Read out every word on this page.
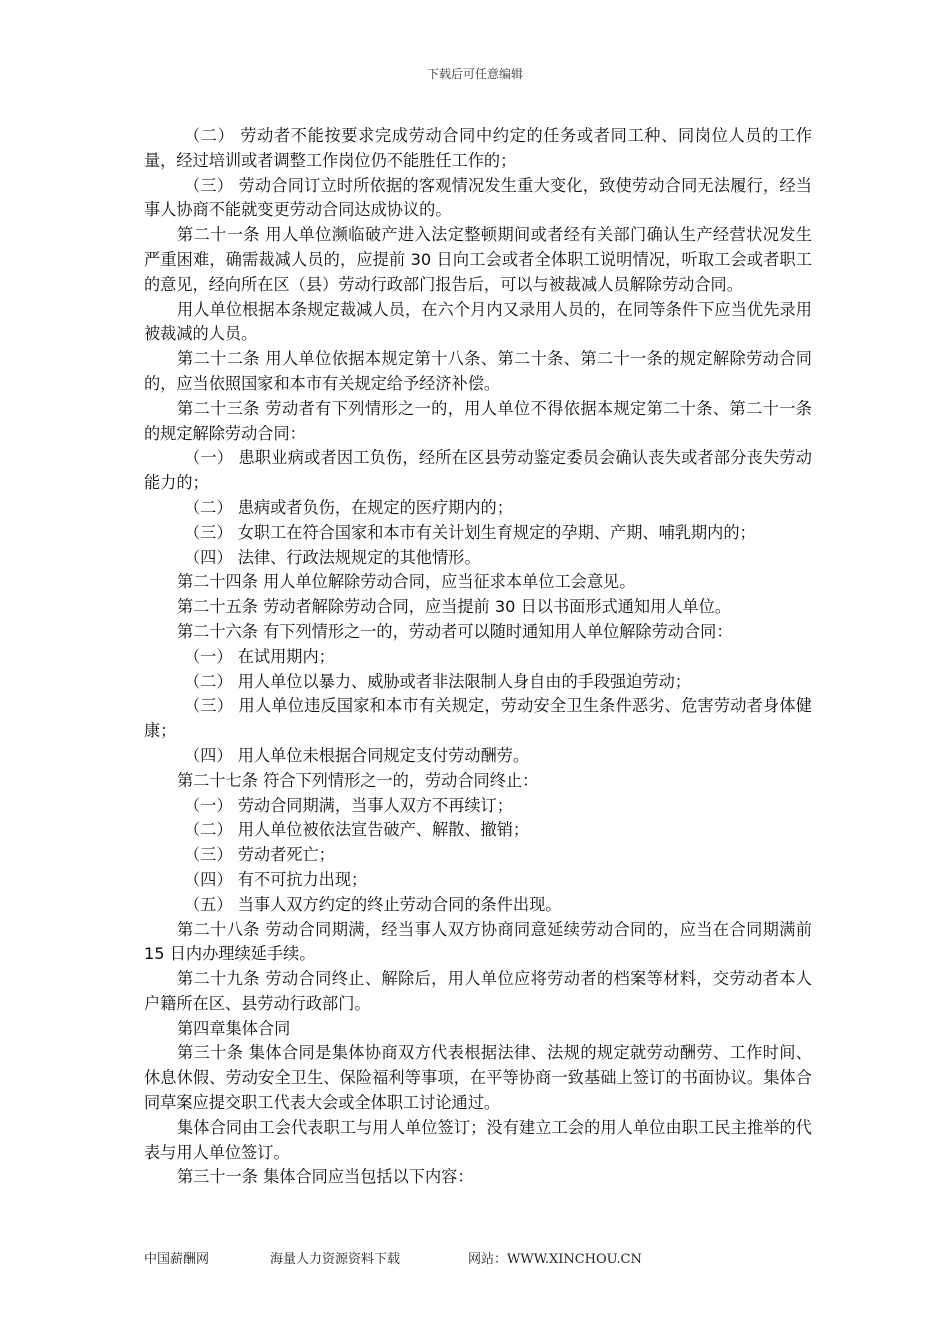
下载后可任意编辑

（二） 劳动者不能按要求完成劳动合同中约定的任务或者同工种、同岗位人员的工作量，经过培训或者调整工作岗位仍不能胜任工作的；

（三） 劳动合同订立时所依据的客观情况发生重大变化，致使劳动合同无法履行，经当事人协商不能就变更劳动合同达成协议的。

第二十一条 用人单位濒临破产进入法定整顿期间或者经有关部门确认生产经营状况发生严重困难，确需裁减人员的，应提前 30 日向工会或者全体职工说明情况，听取工会或者职工的意见，经向所在区（县）劳动行政部门报告后，可以与被裁减人员解除劳动合同。

用人单位根据本条规定裁减人员，在六个月内又录用人员的，在同等条件下应当优先录用被裁减的人员。

第二十二条 用人单位依据本规定第十八条、第二十条、第二十一条的规定解除劳动合同的，应当依照国家和本市有关规定给予经济补偿。

第二十三条 劳动者有下列情形之一的，用人单位不得依据本规定第二十条、第二十一条的规定解除劳动合同：

（一） 患职业病或者因工负伤，经所在区县劳动鉴定委员会确认丧失或者部分丧失劳动能力的；

（二） 患病或者负伤，在规定的医疗期内的；

（三） 女职工在符合国家和本市有关计划生育规定的孕期、产期、哺乳期内的；

（四） 法律、行政法规规定的其他情形。

第二十四条 用人单位解除劳动合同，应当征求本单位工会意见。

第二十五条 劳动者解除劳动合同，应当提前 30 日以书面形式通知用人单位。

第二十六条 有下列情形之一的，劳动者可以随时通知用人单位解除劳动合同：

（一） 在试用期内；

（二） 用人单位以暴力、威胁或者非法限制人身自由的手段强迫劳动；

（三） 用人单位违反国家和本市有关规定，劳动安全卫生条件恶劣、危害劳动者身体健康；

（四） 用人单位未根据合同规定支付劳动酬劳。

第二十七条 符合下列情形之一的，劳动合同终止：

（一） 劳动合同期满，当事人双方不再续订；

（二） 用人单位被依法宣告破产、解散、撤销；

（三） 劳动者死亡；

（四） 有不可抗力出现；

（五） 当事人双方约定的终止劳动合同的条件出现。

第二十八条 劳动合同期满，经当事人双方协商同意延续劳动合同的，应当在合同期满前 15 日内办理续延手续。

第二十九条 劳动合同终止、解除后，用人单位应将劳动者的档案等材料，交劳动者本人户籍所在区、县劳动行政部门。

第四章集体合同

第三十条 集体合同是集体协商双方代表根据法律、法规的规定就劳动酬劳、工作时间、休息休假、劳动安全卫生、保险福利等事项，在平等协商一致基础上签订的书面协议。集体合同草案应提交职工代表大会或全体职工讨论通过。

集体合同由工会代表职工与用人单位签订；没有建立工会的用人单位由职工民主推举的代表与用人单位签订。

第三十一条 集体合同应当包括以下内容：

中国薪酬网	海量人力资源资料下载	网站：WWW.XINCHOU.CN
